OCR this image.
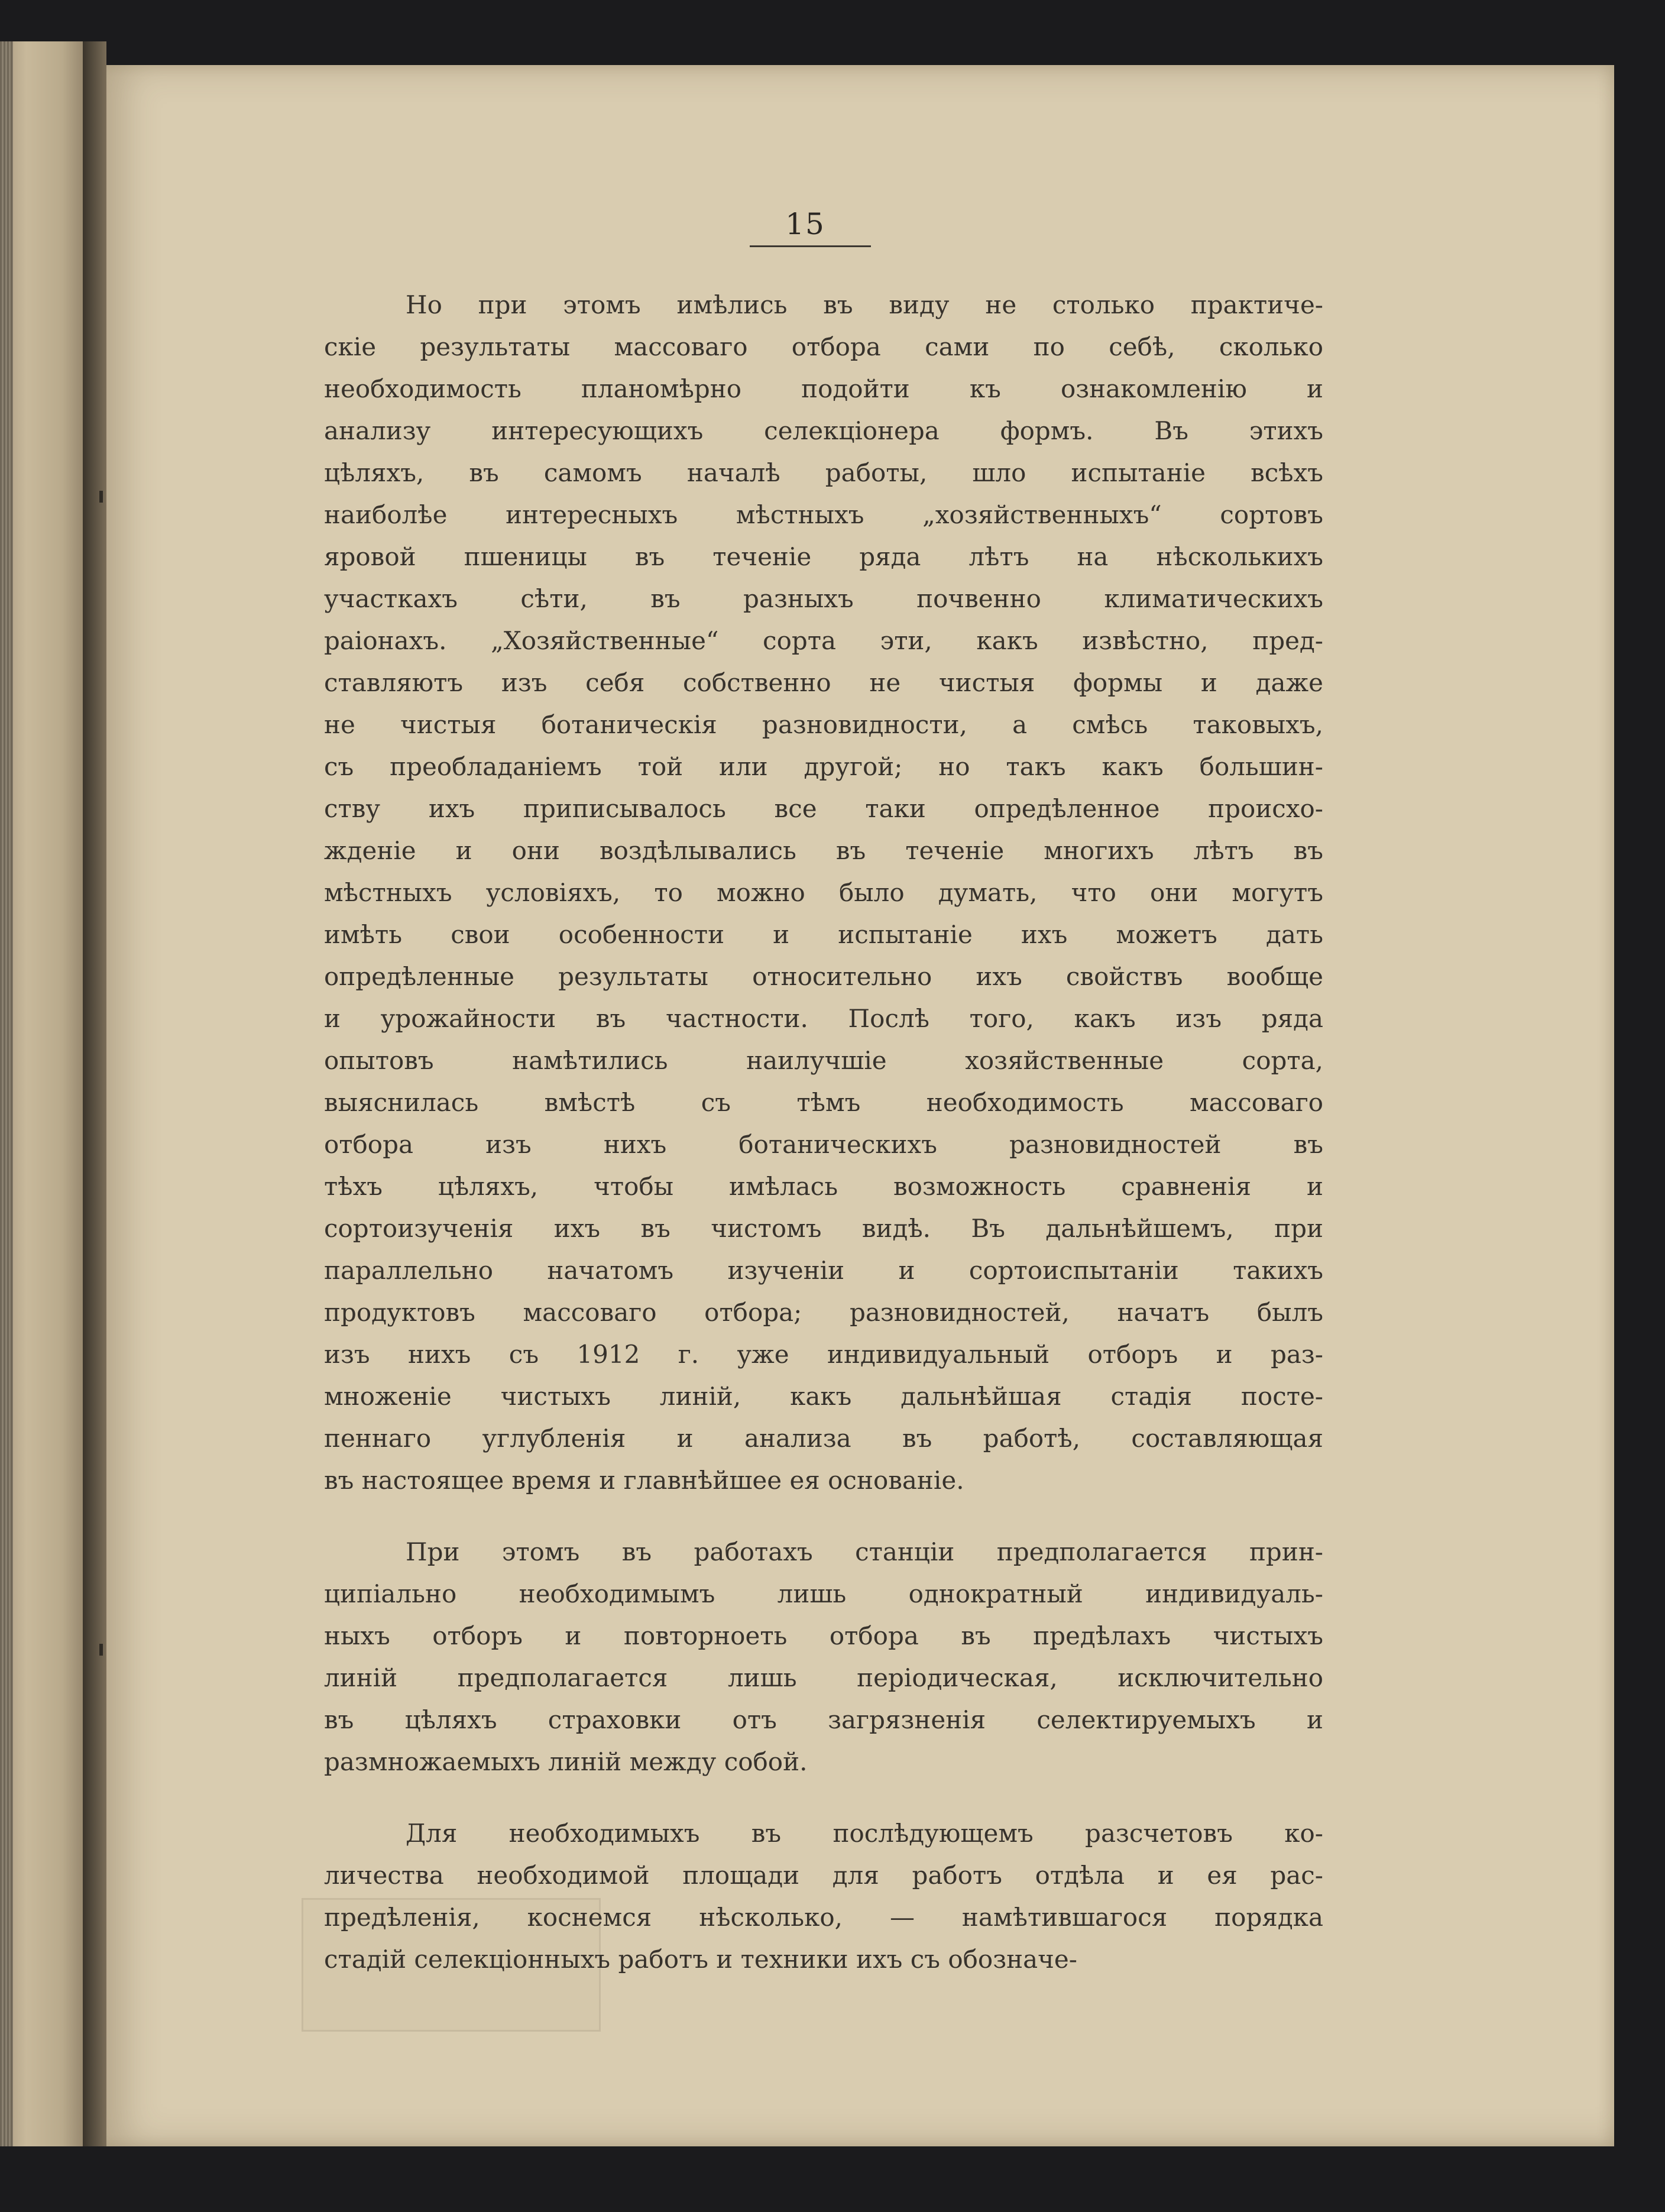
15
Но при этомъ имѣлись въ виду не столько практиче-
скіе результаты массоваго отбора сами по себѣ, сколько
необходимость планомѣрно подойти къ ознакомленію и
анализу интересующихъ селекціонера формъ. Въ этихъ
цѣляхъ, въ самомъ началѣ работы, шло испытаніе всѣхъ
наиболѣе интересныхъ мѣстныхъ „хозяйственныхъ“ сортовъ
яровой пшеницы въ теченіе ряда лѣтъ на нѣсколькихъ
участкахъ сѣти, въ разныхъ почвенно климатическихъ
раіонахъ. „Хозяйственные“ сорта эти, какъ извѣстно, пред-
ставляютъ изъ себя собственно не чистыя формы и даже
не чистыя ботаническія разновидности, а смѣсь таковыхъ,
съ преобладаніемъ той или другой; но такъ какъ большин-
ству ихъ приписывалось все таки опредѣленное происхо-
жденіе и они воздѣлывались въ теченіе многихъ лѣтъ въ
мѣстныхъ условіяхъ, то можно было думать, что они могутъ
имѣть свои особенности и испытаніе ихъ можетъ дать
опредѣленные результаты относительно ихъ свойствъ вообще
и урожайности въ частности. Послѣ того, какъ изъ ряда
опытовъ намѣтились наилучшіе хозяйственные сорта,
выяснилась вмѣстѣ съ тѣмъ необходимость массоваго
отбора изъ нихъ ботаническихъ разновидностей въ
тѣхъ цѣляхъ, чтобы имѣлась возможность сравненія и
сортоизученія ихъ въ чистомъ видѣ. Въ дальнѣйшемъ, при
параллельно начатомъ изученіи и сортоиспытаніи такихъ
продуктовъ массоваго отбора; разновидностей, начатъ былъ
изъ нихъ съ 1912 г. уже индивидуальный отборъ и раз-
множеніе чистыхъ линій, какъ дальнѣйшая стадія посте-
пеннаго углубленія и анализа въ работѣ, составляющая
въ настоящее время и главнѣйшее ея основаніе.
При этомъ въ работахъ станціи предполагается прин-
ципіально необходимымъ лишь однократный индивидуаль-
ныхъ отборъ и повторноеть отбора въ предѣлахъ чистыхъ
линій предполагается лишь періодическая, исключительно
въ цѣляхъ страховки отъ загрязненія селектируемыхъ и
размножаемыхъ линій между собой.
Для необходимыхъ въ послѣдующемъ разсчетовъ ко-
личества необходимой площади для работъ отдѣла и ея рас-
предѣленія, коснемся нѣсколько, — намѣтившагося порядка
стадій селекціонныхъ работъ и техники ихъ съ обозначе-
